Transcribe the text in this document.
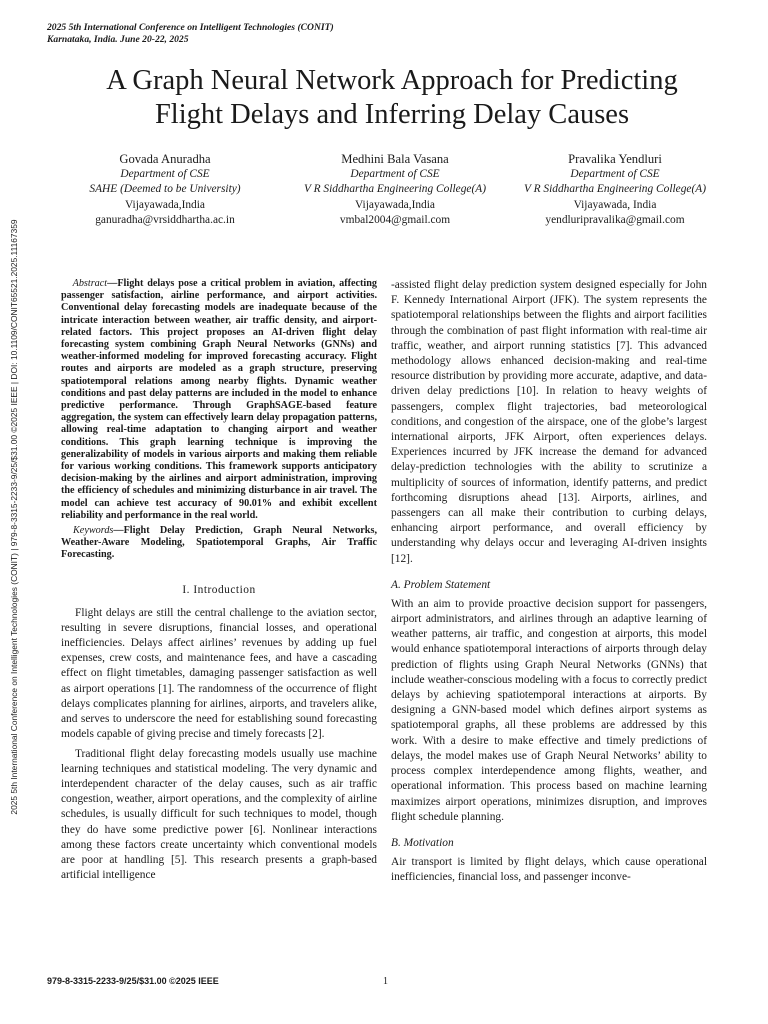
2025 5th International Conference on Intelligent Technologies (CONIT)
Karnataka, India. June 20-22, 2025
2025 5th International Conference on Intelligent Technologies (CONIT) | 979-8-3315-2233-9/25/$31.00 ©2025 IEEE | DOI: 10.1109/CONIT65521.2025.11167359
A Graph Neural Network Approach for Predicting
Flight Delays and Inferring Delay Causes
Govada Anuradha
Department of CSE
SAHE (Deemed to be University)
Vijayawada,India
ganuradha@vrsiddhartha.ac.in
Medhini Bala Vasana
Department of CSE
V R Siddhartha Engineering College(A)
Vijayawada,India
vmbal2004@gmail.com
Pravalika Yendluri
Department of CSE
V R Siddhartha Engineering College(A)
Vijayawada, India
yendluripravalika@gmail.com

Abstract—Flight delays pose a critical problem in aviation, affecting passenger satisfaction, airline performance, and airport activities. Conventional delay forecasting models are inadequate because of the intricate interaction between weather, air traffic density, and airport-related factors. This project proposes an AI-driven flight delay forecasting system combining Graph Neural Networks (GNNs) and weather-informed modeling for improved forecasting accuracy. Flight routes and airports are modeled as a graph structure, preserving spatiotemporal relations among nearby flights. Dynamic weather conditions and past delay patterns are included in the model to enhance predictive performance. Through GraphSAGE-based feature aggregation, the system can effectively learn delay propagation patterns, allowing real-time adaptation to changing airport and weather conditions. This graph learning technique is improving the generalizability of models in various airports and making them reliable for various working conditions. This framework supports anticipatory decision-making by the airlines and airport administration, improving the efficiency of schedules and minimizing disturbance in air travel. The model can achieve test accuracy of 90.01% and exhibit excellent reliability and performance in the real world.

Keywords—Flight Delay Prediction, Graph Neural Networks, Weather-Aware Modeling, Spatiotemporal Graphs, Air Traffic Forecasting.

I. Introduction

Flight delays are still the central challenge to the aviation sector, resulting in severe disruptions, financial losses, and operational inefficiencies. Delays affect airlines’ revenues by adding up fuel expenses, crew costs, and maintenance fees, and have a cascading effect on flight timetables, damaging passenger satisfaction as well as airport operations [1]. The randomness of the occurrence of flight delays complicates planning for airlines, airports, and travelers alike, and serves to underscore the need for establishing sound forecasting models capable of giving precise and timely forecasts [2].

Traditional flight delay forecasting models usually use machine learning techniques and statistical modeling. The very dynamic and interdependent character of the delay causes, such as air traffic congestion, weather, airport operations, and the complexity of airline schedules, is usually difficult for such techniques to model, though they do have some predictive power [6]. Nonlinear interactions among these factors create uncertainty which conventional models are poor at handling [5]. This research presents a graph-based artificial intelligence

-assisted flight delay prediction system designed especially for John F. Kennedy International Airport (JFK). The system represents the spatiotemporal relationships between the flights and airport facilities through the combination of past flight information with real-time air traffic, weather, and airport running statistics [7]. This advanced methodology allows enhanced decision-making and real-time resource distribution by providing more accurate, adaptive, and data-driven delay predictions [10]. In relation to heavy weights of passengers, complex flight trajectories, bad meteorological conditions, and congestion of the airspace, one of the globe’s largest international airports, JFK Airport, often experiences delays. Experiences incurred by JFK increase the demand for advanced delay-prediction technologies with the ability to scrutinize a multiplicity of sources of information, identify patterns, and predict forthcoming disruptions ahead [13]. Airports, airlines, and passengers can all make their contribution to curbing delays, enhancing airport performance, and overall efficiency by understanding why delays occur and leveraging AI-driven insights [12].

A. Problem Statement

With an aim to provide proactive decision support for passengers, airport administrators, and airlines through an adaptive learning of weather patterns, air traffic, and congestion at airports, this model would enhance spatiotemporal interactions of airports through delay prediction of flights using Graph Neural Networks (GNNs) that include weather-conscious modeling with a focus to correctly predict delays by achieving spatiotemporal interactions at airports. By designing a GNN-based model which defines airport systems as spatiotemporal graphs, all these problems are addressed by this work. With a desire to make effective and timely predictions of delays, the model makes use of Graph Neural Networks’ ability to process complex interdependence among flights, weather, and operational information. This process based on machine learning maximizes airport operations, minimizes disruption, and improves flight schedule planning.

B. Motivation

Air transport is limited by flight delays, which cause operational inefficiencies, financial loss, and passenger inconve-

979-8-3315-2233-9/25/$31.00 ©2025 IEEE	1
